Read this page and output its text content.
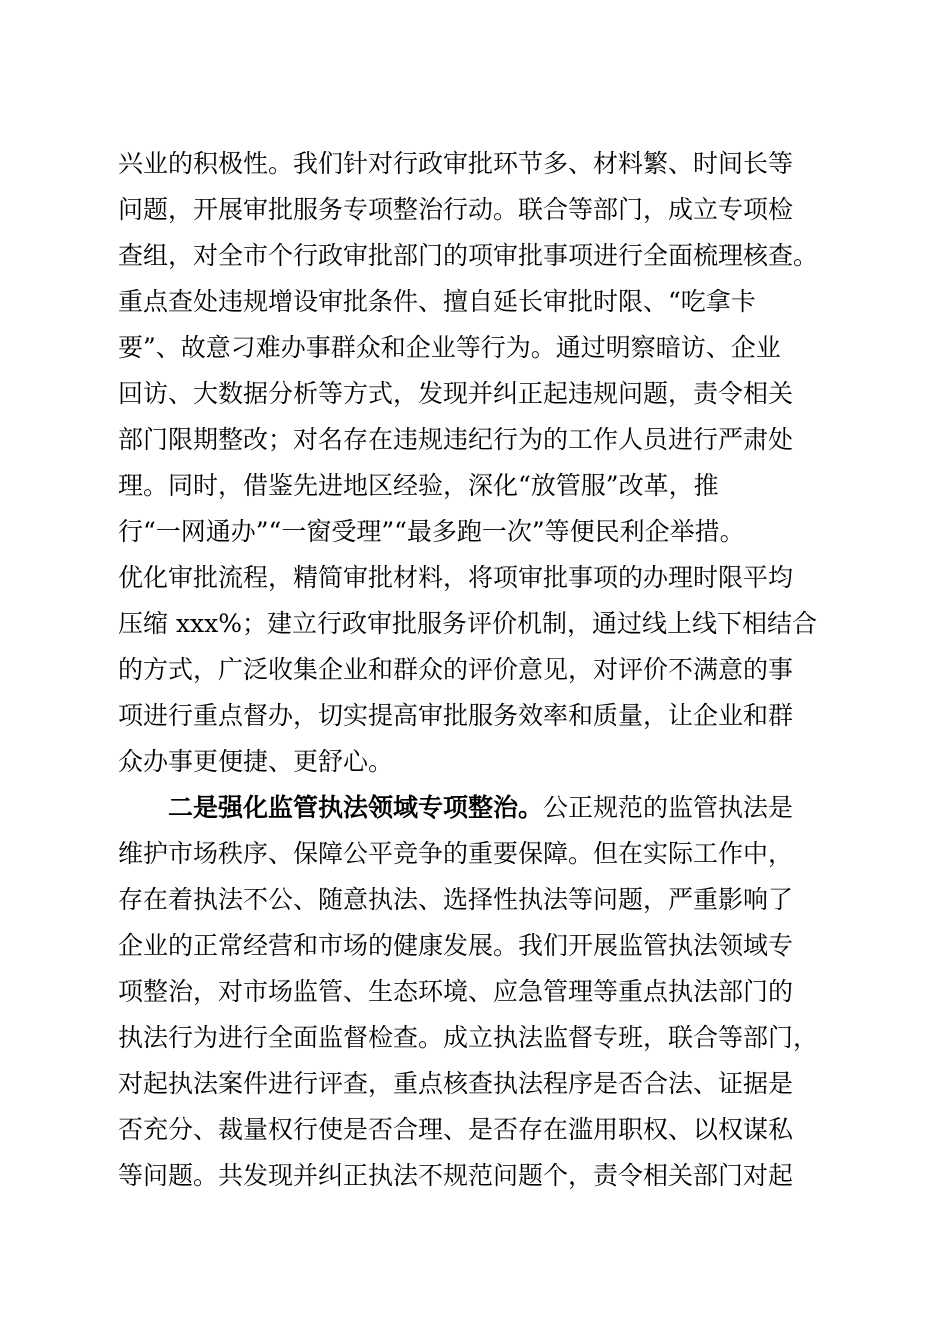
兴业的积极性。我们针对行政审批环节多、材料繁、时间长等
问题，开展审批服务专项整治行动。联合等部门，成立专项检
查组，对全市个行政审批部门的项审批事项进行全面梳理核查。
重点查处违规增设审批条件、擅自延长审批时限、“吃拿卡
要”、故意刁难办事群众和企业等行为。通过明察暗访、企业
回访、大数据分析等方式，发现并纠正起违规问题，责令相关
部门限期整改；对名存在违规违纪行为的工作人员进行严肃处
理。同时，借鉴先进地区经验，深化“放管服”改革，推
行“一网通办”“一窗受理”“最多跑一次”等便民利企举措。
优化审批流程，精简审批材料，将项审批事项的办理时限平均
压缩 xxx%；建立行政审批服务评价机制，通过线上线下相结合
的方式，广泛收集企业和群众的评价意见，对评价不满意的事
项进行重点督办，切实提高审批服务效率和质量，让企业和群
众办事更便捷、更舒心。
二是强化监管执法领域专项整治。公正规范的监管执法是
维护市场秩序、保障公平竞争的重要保障。但在实际工作中，
存在着执法不公、随意执法、选择性执法等问题，严重影响了
企业的正常经营和市场的健康发展。我们开展监管执法领域专
项整治，对市场监管、生态环境、应急管理等重点执法部门的
执法行为进行全面监督检查。成立执法监督专班，联合等部门，
对起执法案件进行评查，重点核查执法程序是否合法、证据是
否充分、裁量权行使是否合理、是否存在滥用职权、以权谋私
等问题。共发现并纠正执法不规范问题个，责令相关部门对起
